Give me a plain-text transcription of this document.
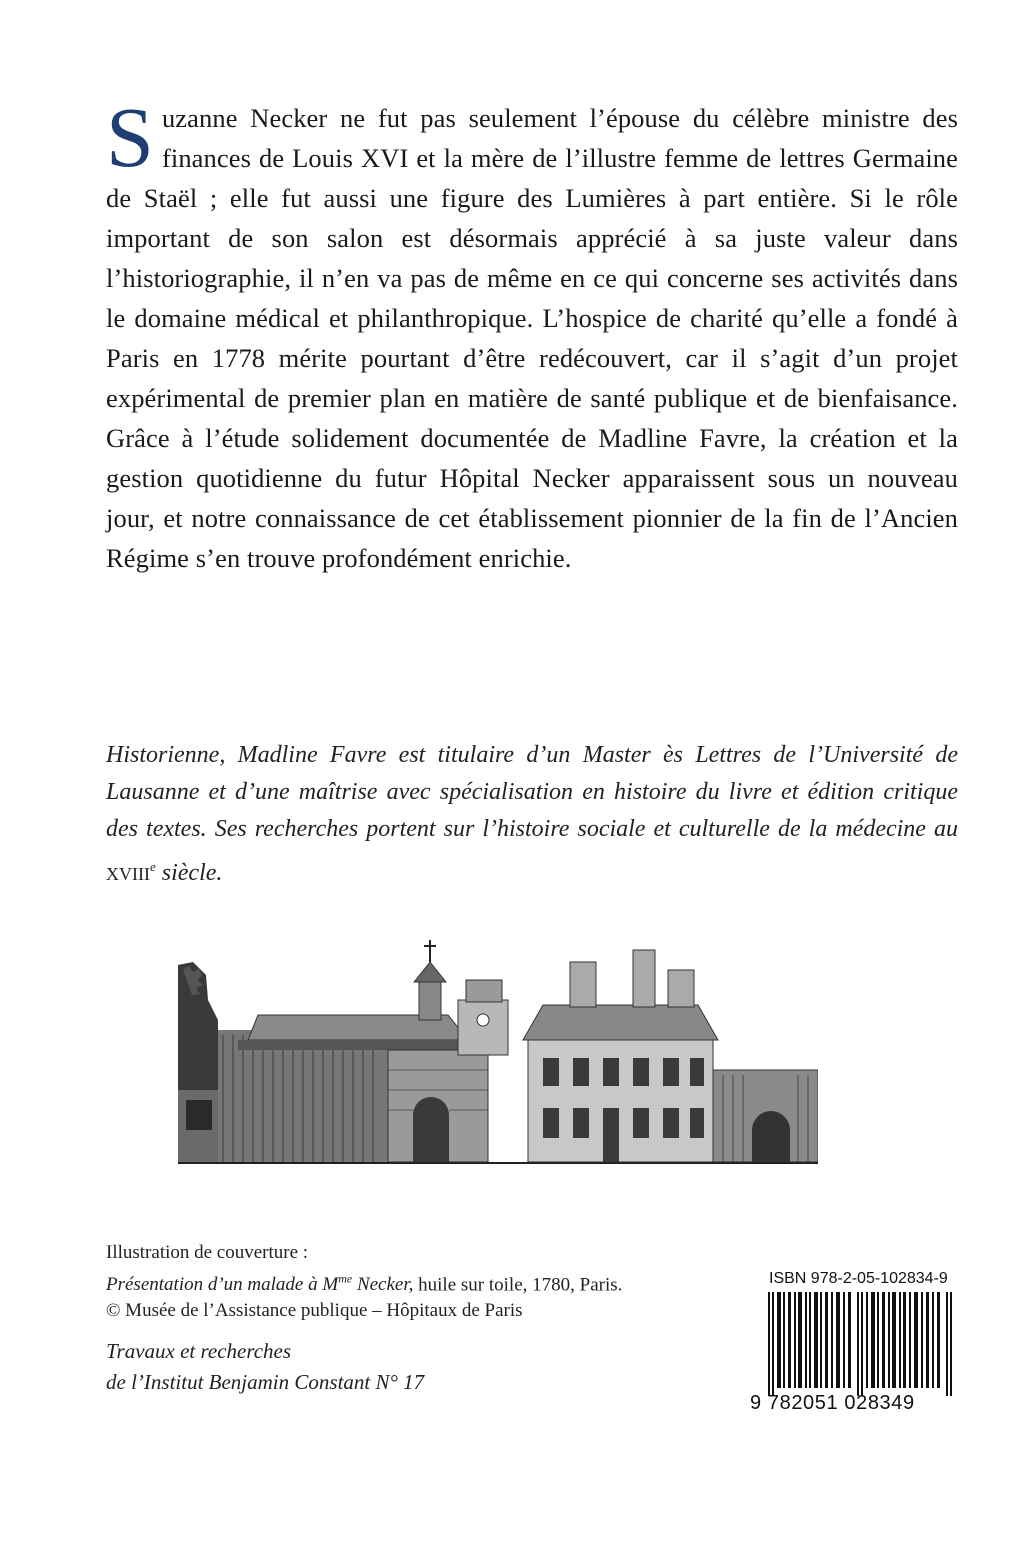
Suzanne Necker ne fut pas seulement l’épouse du célèbre ministre des finances de Louis XVI et la mère de l’illustre femme de lettres Germaine de Staël ; elle fut aussi une figure des Lumières à part entière. Si le rôle important de son salon est désormais apprécié à sa juste valeur dans l’historiographie, il n’en va pas de même en ce qui concerne ses activités dans le domaine médical et philanthropique. L’hospice de charité qu’elle a fondé à Paris en 1778 mérite pourtant d’être redécouvert, car il s’agit d’un projet expérimental de premier plan en matière de santé publique et de bienfaisance. Grâce à l’étude solidement documentée de Madline Favre, la création et la gestion quotidienne du futur Hôpital Necker apparaissent sous un nouveau jour, et notre connaissance de cet établissement pionnier de la fin de l’Ancien Régime s’en trouve profondément enrichie.

Historienne, Madline Favre est titulaire d’un Master ès Lettres de l’Université de Lausanne et d’une maîtrise avec spécialisation en histoire du livre et édition critique des textes. Ses recherches portent sur l’histoire sociale et culturelle de la médecine au XVIIIe siècle.

Illustration de couverture :
Présentation d’un malade à $M^{me}$ Necker, huile sur toile, 1780, Paris.
© Musée de l’Assistance publique – Hôpitaux de Paris
Travaux et recherches
de l’Institut Benjamin Constant N° 17
ISBN 978-2-05-102834-9
9 782051 028349
